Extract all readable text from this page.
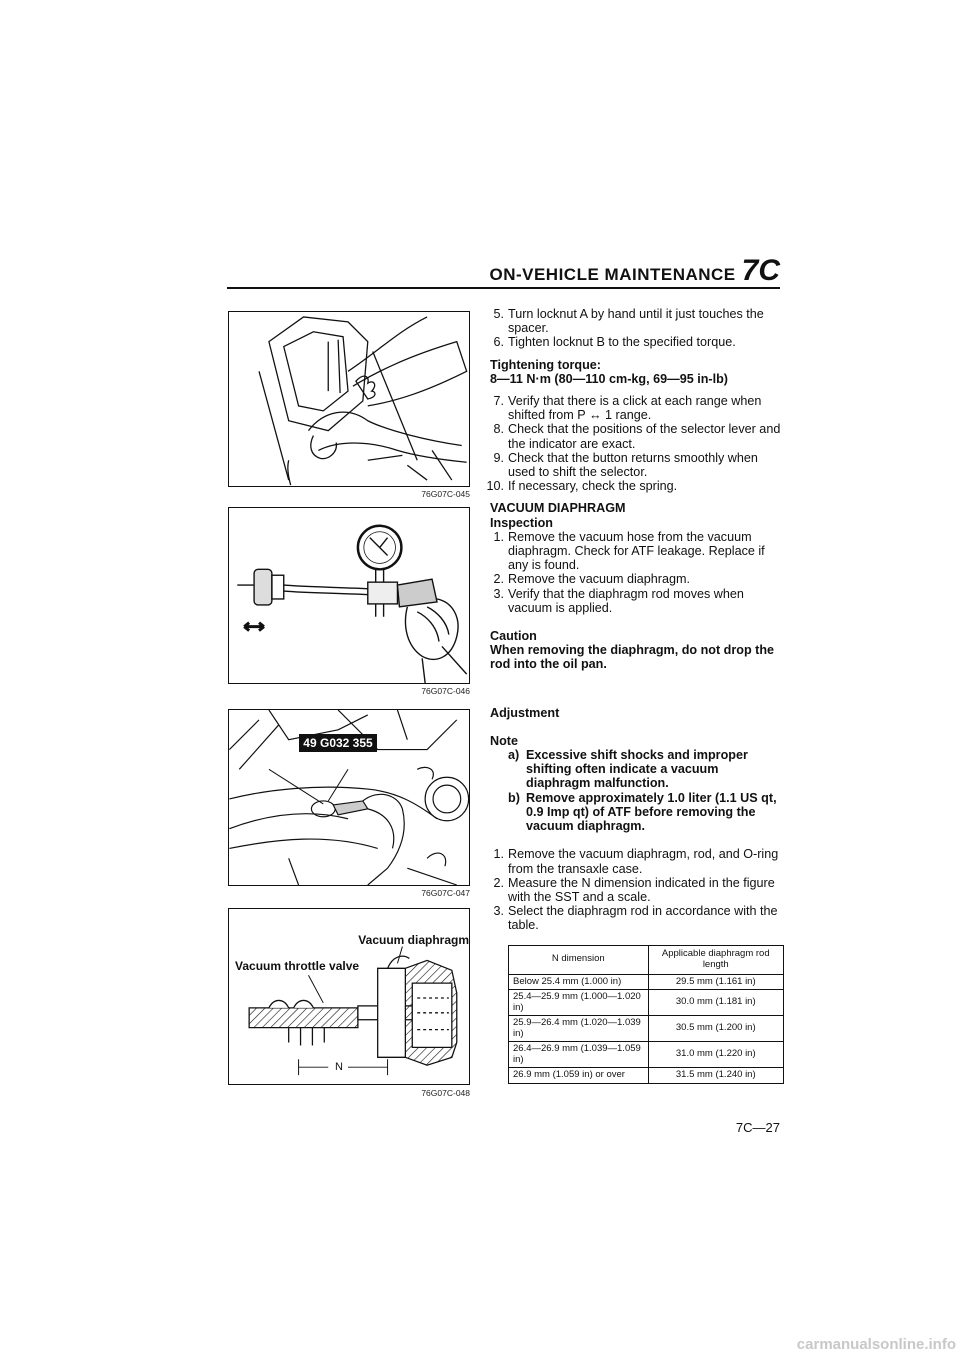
ON-VEHICLE MAINTENANCE 7C
76G07C-045
76G07C-046
49 G032 355
76G07C-047
Vacuum diaphragm
Vacuum throttle valve
N
76G07C-048
5. Turn locknut A by hand until it just touches the spacer.
6. Tighten locknut B to the specified torque.

Tightening torque:

8—11 N·m (80—110 cm-kg, 69—95 in-lb)

7. Verify that there is a click at each range when shifted from P ↔ 1 range.
8. Check that the positions of the selector lever and the indicator are exact.
9. Check that the button returns smoothly when used to shift the selector.
10. If necessary, check the spring.

VACUUM DIAPHRAGM

Inspection

1. Remove the vacuum hose from the vacuum diaphragm. Check for ATF leakage. Replace if any is found.
2. Remove the vacuum diaphragm.
3. Verify that the diaphragm rod moves when vacuum is applied.

Caution

When removing the diaphragm, do not drop the rod into the oil pan.

Adjustment

Note

a) Excessive shift shocks and improper shifting often indicate a vacuum diaphragm malfunction.
b) Remove approximately 1.0 liter (1.1 US qt, 0.9 Imp qt) of ATF before removing the vacuum diaphragm.
1. Remove the vacuum diaphragm, rod, and O-ring from the transaxle case.
2. Measure the N dimension indicated in the figure with the SST and a scale.
3. Select the diaphragm rod in accordance with the table.
N dimension	Applicable diaphragm rod length
Below 25.4 mm (1.000 in)	29.5 mm (1.161 in)
25.4—25.9 mm (1.000—1.020 in)	30.0 mm (1.181 in)
25.9—26.4 mm (1.020—1.039 in)	30.5 mm (1.200 in)
26.4—26.9 mm (1.039—1.059 in)	31.0 mm (1.220 in)
26.9 mm (1.059 in) or over	31.5 mm (1.240 in)
7C—27
carmanualsonline.info
